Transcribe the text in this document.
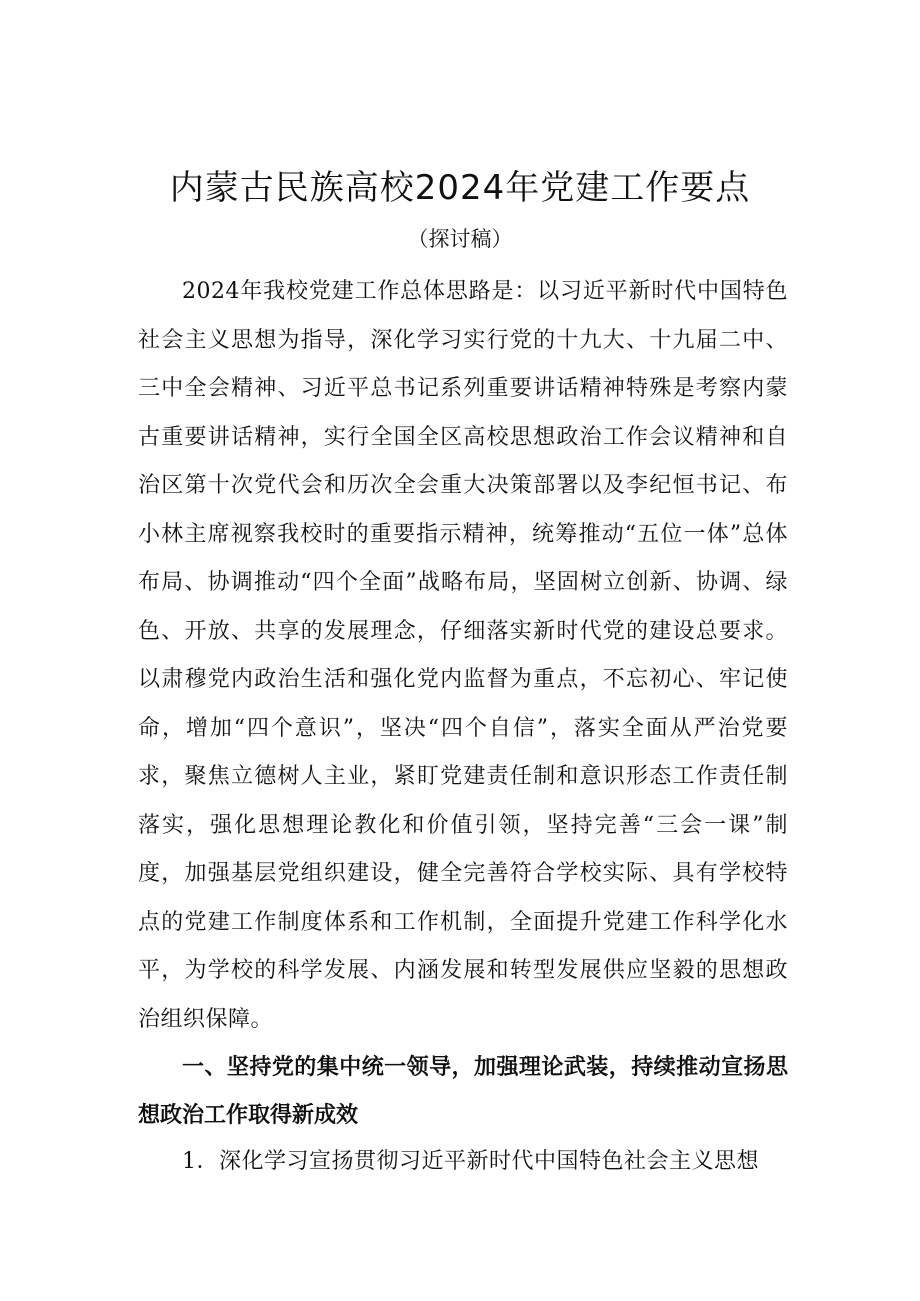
内蒙古民族高校2024年党建工作要点

（探讨稿）

2024年我校党建工作总体思路是：以习近平新时代中国特色社会主义思想为指导，深化学习实行党的十九大、十九届二中、三中全会精神、习近平总书记系列重要讲话精神特殊是考察内蒙古重要讲话精神，实行全国全区高校思想政治工作会议精神和自治区第十次党代会和历次全会重大决策部署以及李纪恒书记、布小林主席视察我校时的重要指示精神，统筹推动“五位一体”总体布局、协调推动“四个全面”战略布局，坚固树立创新、协调、绿色、开放、共享的发展理念，仔细落实新时代党的建设总要求。以肃穆党内政治生活和强化党内监督为重点，不忘初心、牢记使命，增加“四个意识”，坚决“四个自信”，落实全面从严治党要求，聚焦立德树人主业，紧盯党建责任制和意识形态工作责任制落实，强化思想理论教化和价值引领，坚持完善“三会一课”制度，加强基层党组织建设，健全完善符合学校实际、具有学校特点的党建工作制度体系和工作机制，全面提升党建工作科学化水平，为学校的科学发展、内涵发展和转型发展供应坚毅的思想政治组织保障。

一、坚持党的集中统一领导，加强理论武装，持续推动宣扬思想政治工作取得新成效

1．深化学习宣扬贯彻习近平新时代中国特色社会主义思想
